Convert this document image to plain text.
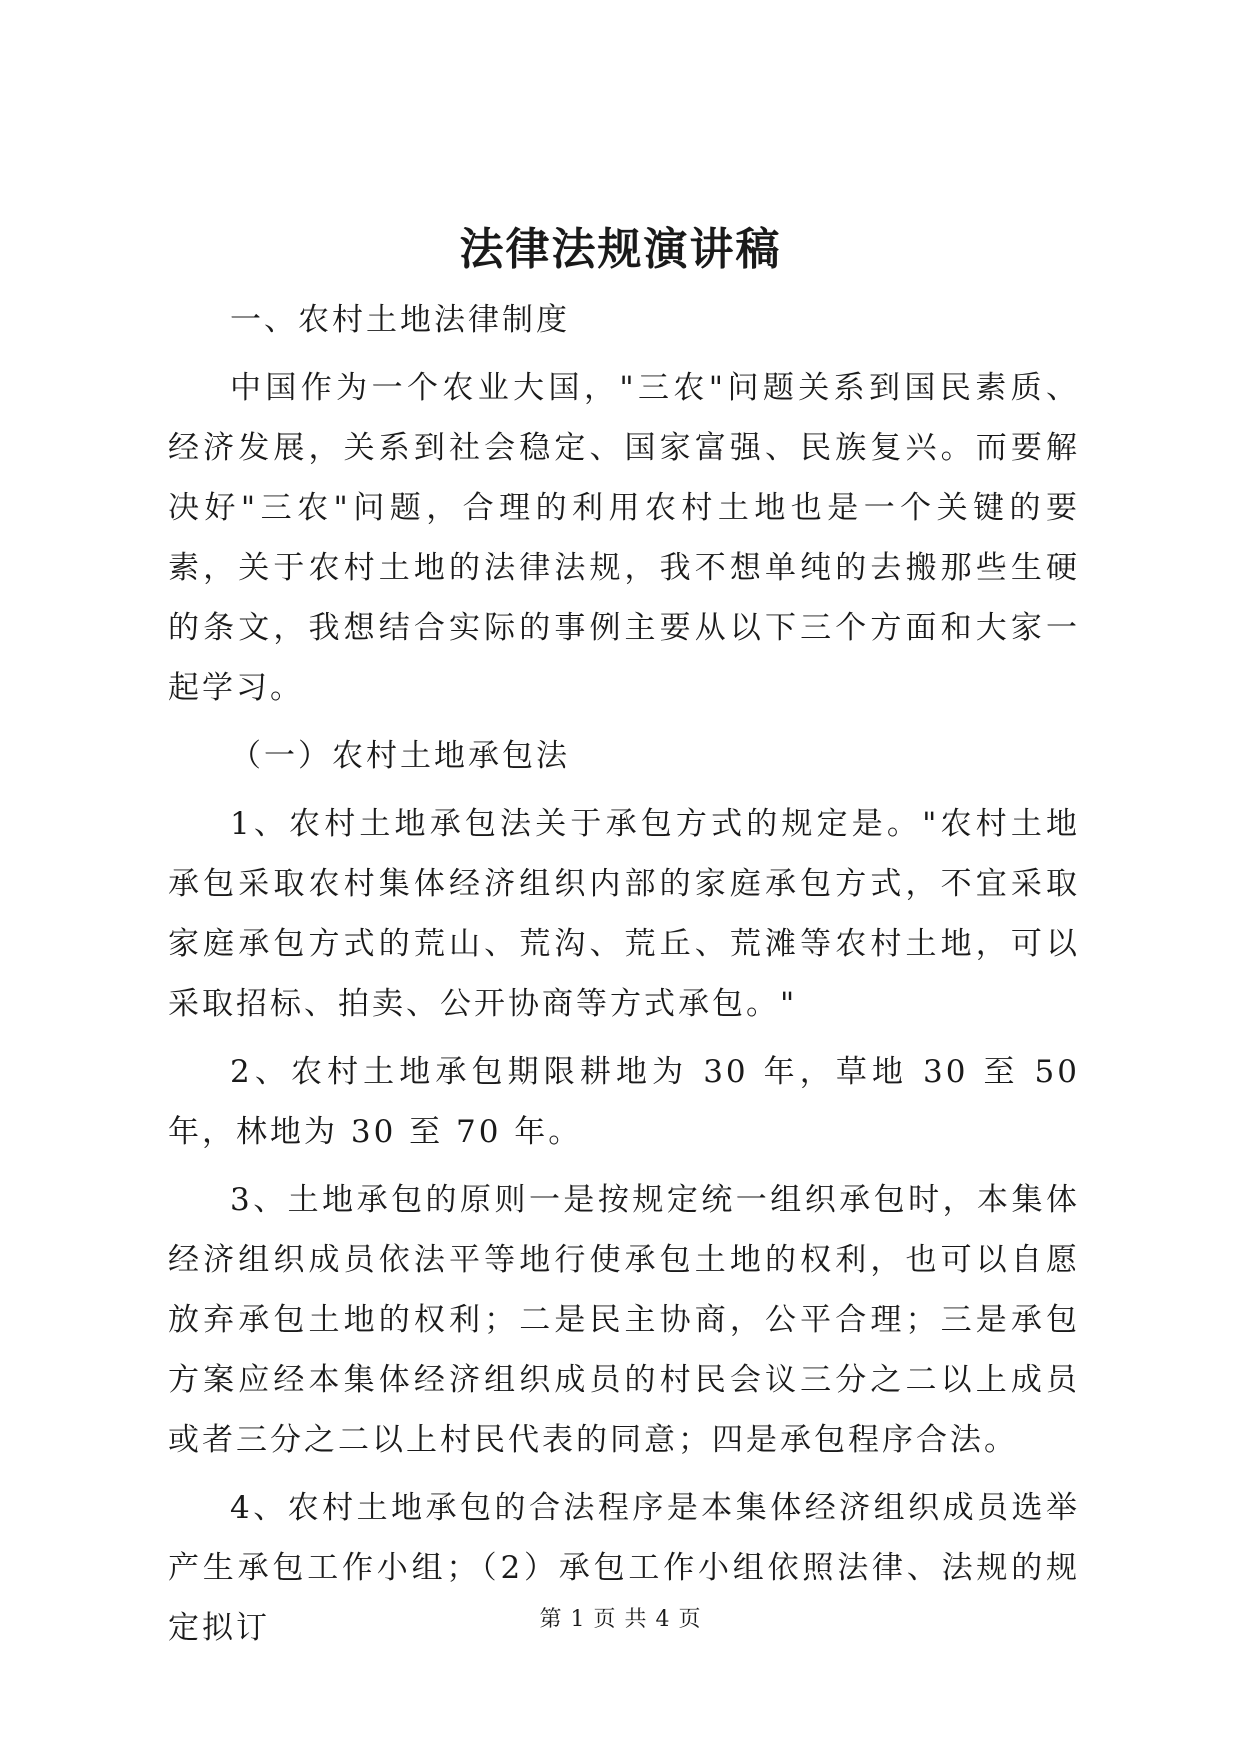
法律法规演讲稿

一、农村土地法律制度

中国作为一个农业大国，"三农"问题关系到国民素质、经济发展，关系到社会稳定、国家富强、民族复兴。而要解决好"三农"问题，合理的利用农村土地也是一个关键的要素，关于农村土地的法律法规，我不想单纯的去搬那些生硬的条文，我想结合实际的事例主要从以下三个方面和大家一起学习。

（一）农村土地承包法

1、农村土地承包法关于承包方式的规定是。"农村土地承包采取农村集体经济组织内部的家庭承包方式，不宜采取家庭承包方式的荒山、荒沟、荒丘、荒滩等农村土地，可以采取招标、拍卖、公开协商等方式承包。"

2、农村土地承包期限耕地为 30 年，草地 30 至 50 年，林地为 30 至 70 年。

3、土地承包的原则一是按规定统一组织承包时，本集体经济组织成员依法平等地行使承包土地的权利，也可以自愿放弃承包土地的权利；二是民主协商，公平合理；三是承包方案应经本集体经济组织成员的村民会议三分之二以上成员或者三分之二以上村民代表的同意；四是承包程序合法。

4、农村土地承包的合法程序是本集体经济组织成员选举产生承包工作小组；（2）承包工作小组依照法律、法规的规定拟订	第 1 页 共 4 页
